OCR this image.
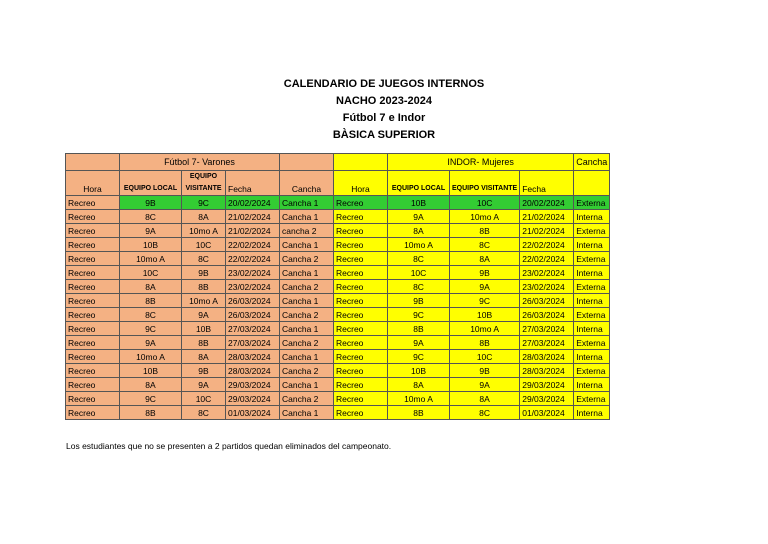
CALENDARIO DE JUEGOS INTERNOS
NACHO 2023-2024
Fútbol 7 e Indor
BÀSICA SUPERIOR
	Fútbol 7- Varones					INDOR- Mujeres			Cancha
Hora	EQUIPO LOCAL	EQUIPO VISITANTE	Fecha	Cancha	Hora	EQUIPO LOCAL	EQUIPO VISITANTE	Fecha	
Recreo	9B	9C	20/02/2024	Cancha 1	Recreo	10B	10C	20/02/2024	Externa
Recreo	8C	8A	21/02/2024	Cancha 1	Recreo	9A	10mo A	21/02/2024	Interna
Recreo	9A	10mo A	21/02/2024	cancha 2	Recreo	8A	8B	21/02/2024	Externa
Recreo	10B	10C	22/02/2024	Cancha 1	Recreo	10mo A	8C	22/02/2024	Interna
Recreo	10mo A	8C	22/02/2024	Cancha 2	Recreo	8C	8A	22/02/2024	Externa
Recreo	10C	9B	23/02/2024	Cancha 1	Recreo	10C	9B	23/02/2024	Interna
Recreo	8A	8B	23/02/2024	Cancha 2	Recreo	8C	9A	23/02/2024	Externa
Recreo	8B	10mo A	26/03/2024	Cancha 1	Recreo	9B	9C	26/03/2024	Interna
Recreo	8C	9A	26/03/2024	Cancha 2	Recreo	9C	10B	26/03/2024	Externa
Recreo	9C	10B	27/03/2024	Cancha 1	Recreo	8B	10mo A	27/03/2024	Interna
Recreo	9A	8B	27/03/2024	Cancha 2	Recreo	9A	8B	27/03/2024	Externa
Recreo	10mo A	8A	28/03/2024	Cancha 1	Recreo	9C	10C	28/03/2024	Interna
Recreo	10B	9B	28/03/2024	Cancha 2	Recreo	10B	9B	28/03/2024	Externa
Recreo	8A	9A	29/03/2024	Cancha 1	Recreo	8A	9A	29/03/2024	Interna
Recreo	9C	10C	29/03/2024	Cancha 2	Recreo	10mo A	8A	29/03/2024	Externa
Recreo	8B	8C	01/03/2024	Cancha 1	Recreo	8B	8C	01/03/2024	Interna
Los estudiantes que no se presenten a 2 partidos quedan eliminados del campeonato.
